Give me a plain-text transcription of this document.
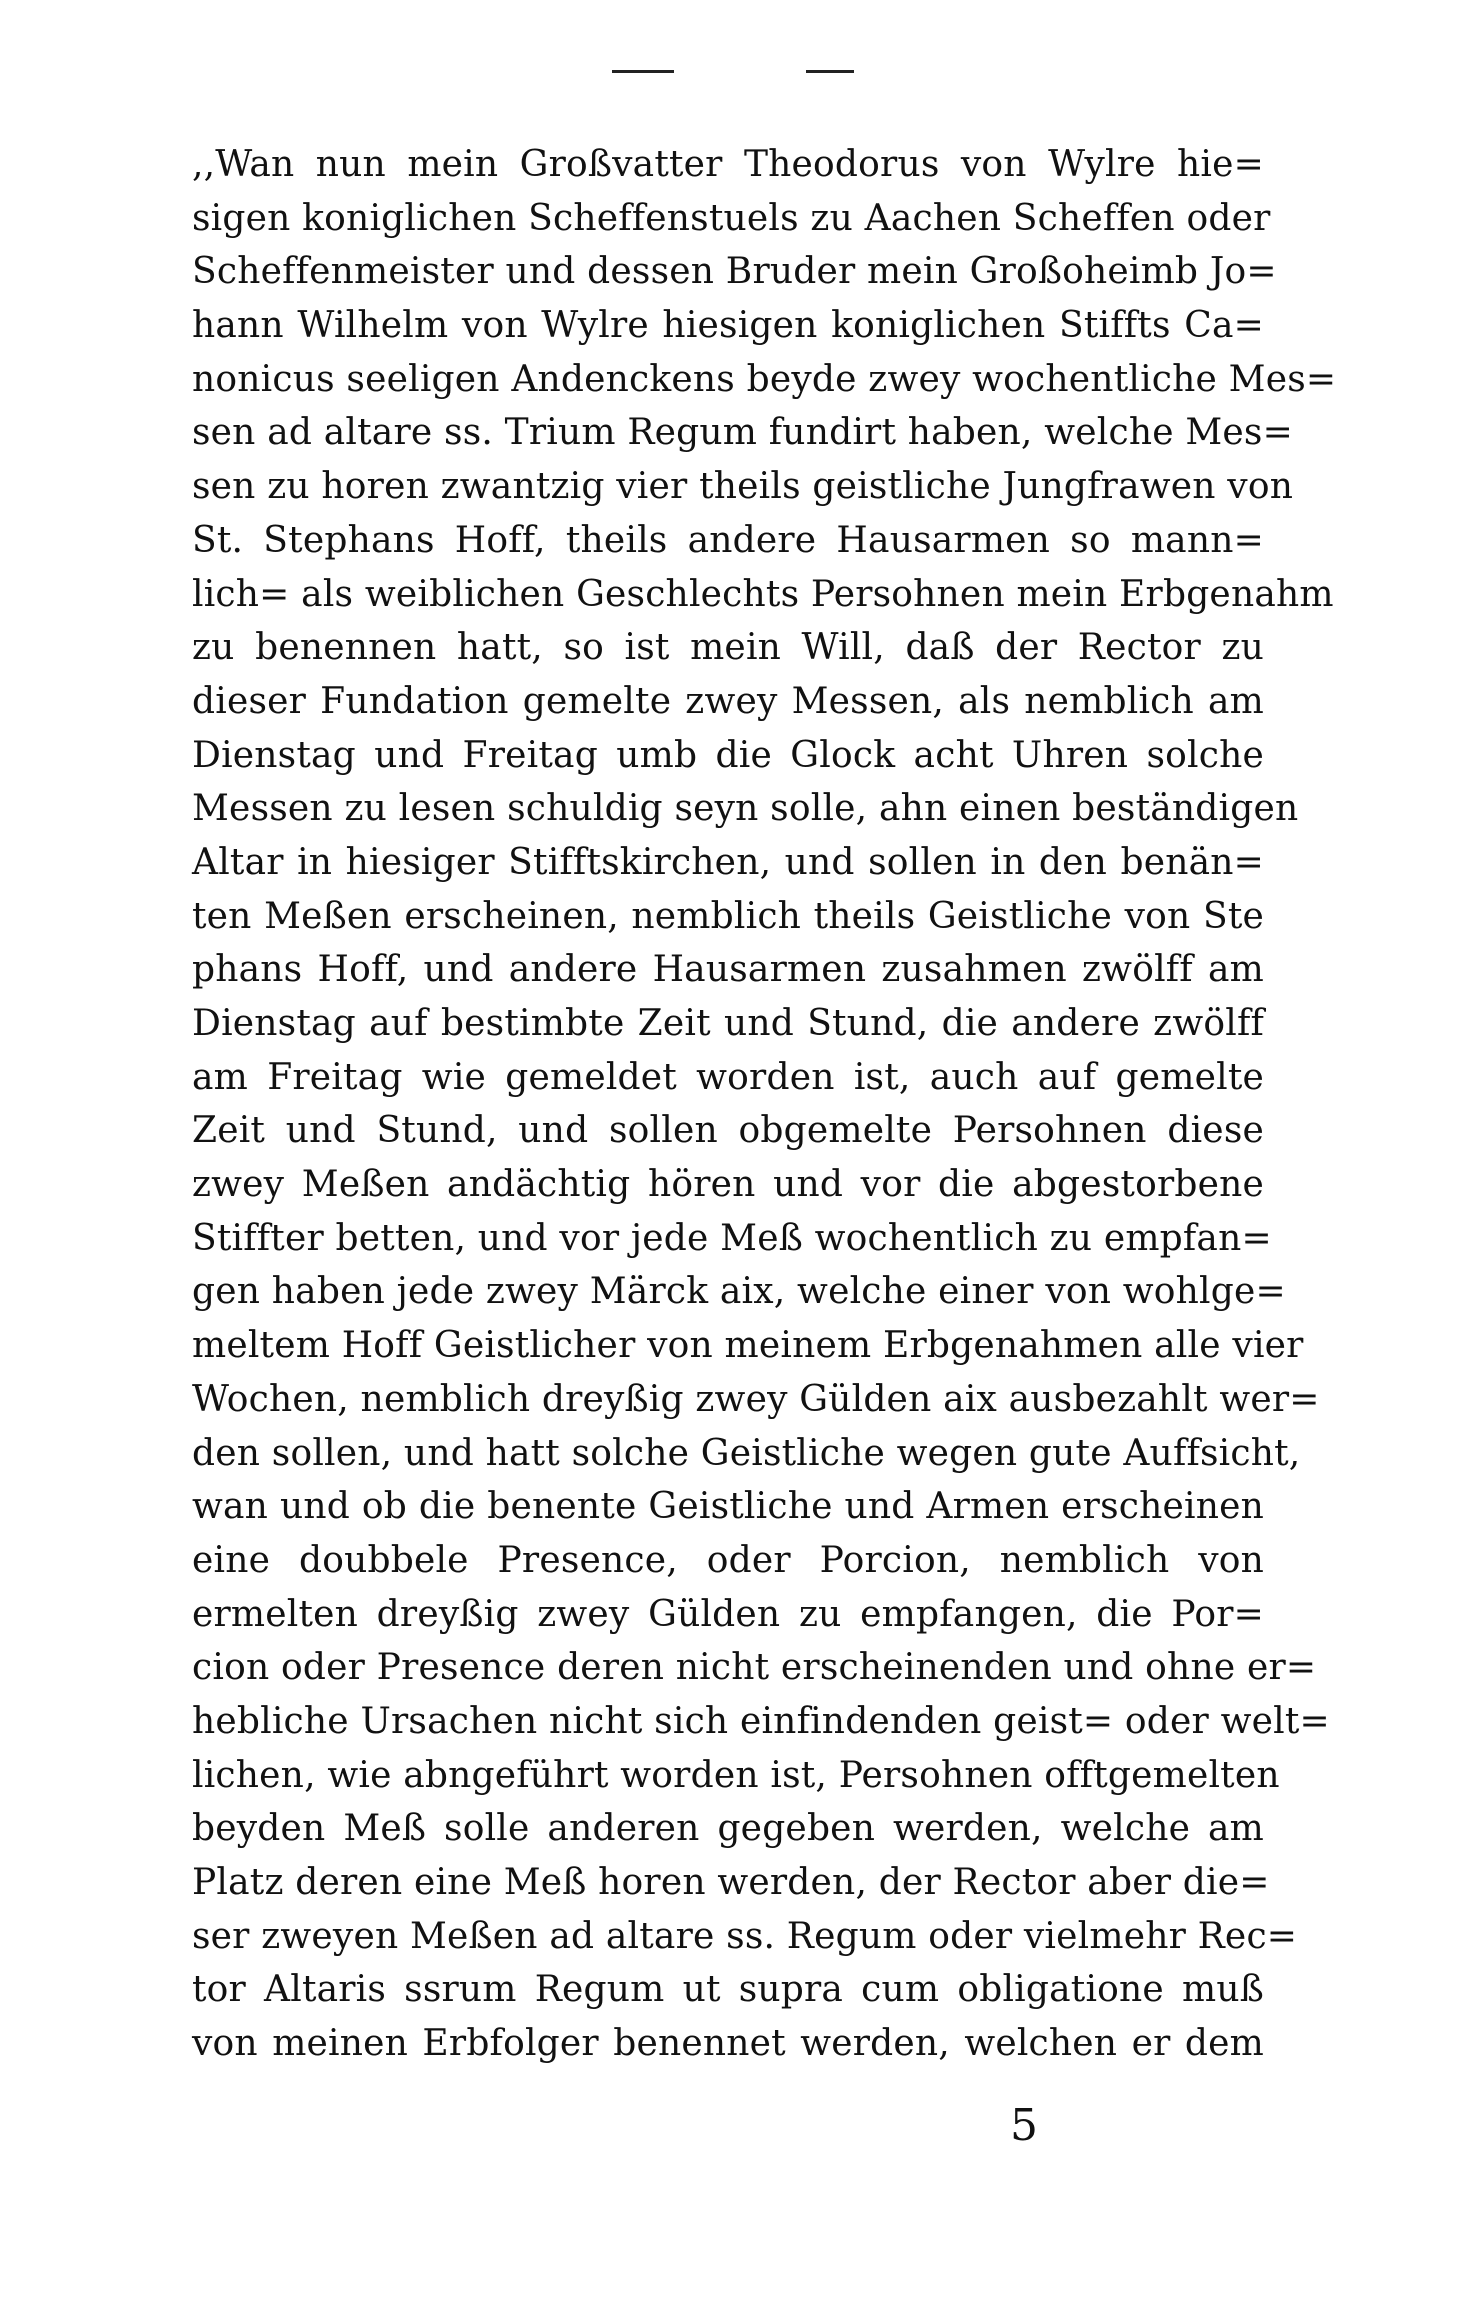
,,Wan nun mein Großvatter Theodorus von Wylre hie=
sigen koniglichen Scheffenstuels zu Aachen Scheffen oder
Scheffenmeister und dessen Bruder mein Großoheimb Jo=
hann Wilhelm von Wylre hiesigen koniglichen Stiffts Ca=
nonicus seeligen Andenckens beyde zwey wochentliche Mes=
sen ad altare ss. Trium Regum fundirt haben, welche Mes=
sen zu horen zwantzig vier theils geistliche Jungfrawen von
St. Stephans Hoff, theils andere Hausarmen so mann=
lich= als weiblichen Geschlechts Persohnen mein Erbgenahm
zu benennen hatt, so ist mein Will, daß der Rector zu
dieser Fundation gemelte zwey Messen, als nemblich am
Dienstag und Freitag umb die Glock acht Uhren solche
Messen zu lesen schuldig seyn solle, ahn einen beständigen
Altar in hiesiger Stifftskirchen, und sollen in den benän=
ten Meßen erscheinen, nemblich theils Geistliche von Ste
phans Hoff, und andere Hausarmen zusahmen zwölff am
Dienstag auf bestimbte Zeit und Stund, die andere zwölff
am Freitag wie gemeldet worden ist, auch auf gemelte
Zeit und Stund, und sollen obgemelte Persohnen diese
zwey Meßen andächtig hören und vor die abgestorbene
Stiffter betten, und vor jede Meß wochentlich zu empfan=
gen haben jede zwey Märck aix, welche einer von wohlge=
meltem Hoff Geistlicher von meinem Erbgenahmen alle vier
Wochen, nemblich dreyßig zwey Gülden aix ausbezahlt wer=
den sollen, und hatt solche Geistliche wegen gute Auffsicht,
wan und ob die benente Geistliche und Armen erscheinen
eine doubbele Presence, oder Porcion, nemblich von
ermelten dreyßig zwey Gülden zu empfangen, die Por=
cion oder Presence deren nicht erscheinenden und ohne er=
hebliche Ursachen nicht sich einfindenden geist= oder welt=
lichen, wie abngeführt worden ist, Persohnen offtgemelten
beyden Meß solle anderen gegeben werden, welche am
Platz deren eine Meß horen werden, der Rector aber die=
ser zweyen Meßen ad altare ss. Regum oder vielmehr Rec=
tor Altaris ssrum Regum ut supra cum obligatione muß
von meinen Erbfolger benennet werden, welchen er dem
5
